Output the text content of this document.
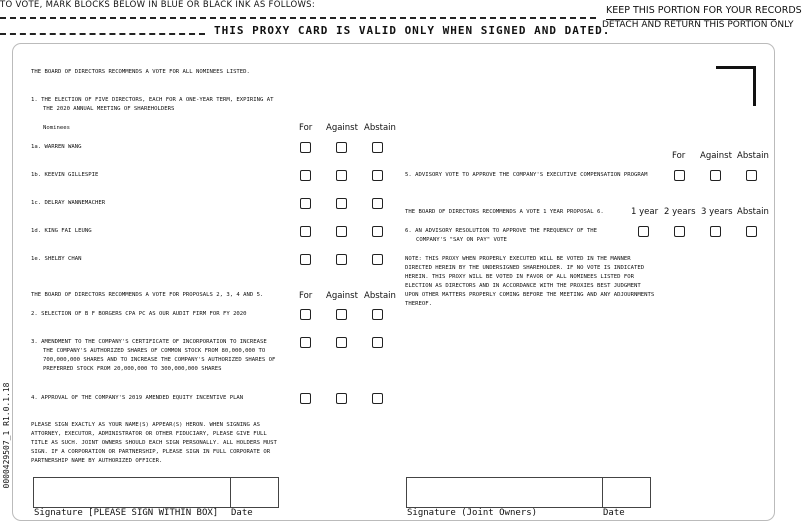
TO VOTE, MARK BLOCKS BELOW IN BLUE OR BLACK INK AS FOLLOWS:	KEEP THIS PORTION FOR YOUR RECORDS
DETACH AND RETURN THIS PORTION ONLY
THIS PROXY CARD IS VALID ONLY WHEN SIGNED AND DATED.
0000429507_1 R1.0.1.18
THE BOARD OF DIRECTORS RECOMMENDS A VOTE FOR ALL NOMINEES LISTED.
1. THE ELECTION OF FIVE DIRECTORS, EACH FOR A ONE-YEAR TERM, EXPIRING AT
THE 2020 ANNUAL MEETING OF SHAREHOLDERS
Nominees	For Against Abstain
1a. WARREN WANG
1b. KEEVIN GILLESPIE
1c. DELRAY WANNEMACHER
1d. KING FAI LEUNG
1e. SHELBY CHAN
THE BOARD OF DIRECTORS RECOMMENDS A VOTE FOR PROPOSALS 2, 3, 4 AND 5.	For Against Abstain
2. SELECTION OF B F BORGERS CPA PC AS OUR AUDIT FIRM FOR FY 2020
3. AMENDMENT TO THE COMPANY'S CERTIFICATE OF INCORPORATION TO INCREASE
THE COMPANY'S AUTHORIZED SHARES OF COMMON STOCK FROM 80,000,000 TO
700,000,000 SHARES AND TO INCREASE THE COMPANY'S AUTHORIZED SHARES OF
PREFERRED STOCK FROM 20,000,000 TO 300,000,000 SHARES
4. APPROVAL OF THE COMPANY'S 2019 AMENDED EQUITY INCENTIVE PLAN
PLEASE SIGN EXACTLY AS YOUR NAME(S) APPEAR(S) HERON. WHEN SIGNING AS
ATTORNEY, EXECUTOR, ADMINISTRATOR OR OTHER FIDUCIARY, PLEASE GIVE FULL
TITLE AS SUCH. JOINT OWNERS SHOULD EACH SIGN PERSONALLY. ALL HOLDERS MUST
SIGN. IF A CORPORATION OR PARTNERSHIP, PLEASE SIGN IN FULL CORPORATE OR
PARTNERSHIP NAME BY AUTHORIZED OFFICER.
Signature [PLEASE SIGN WITHIN BOX] Date
For Against Abstain
5. ADVISORY VOTE TO APPROVE THE COMPANY'S EXECUTIVE COMPENSATION PROGRAM
THE BOARD OF DIRECTORS RECOMMENDS A VOTE 1 YEAR PROPOSAL 6.	1 year 2 years 3 years Abstain
6. AN ADVISORY RESOLUTION TO APPROVE THE FREQUENCY OF THE
COMPANY'S "SAY ON PAY" VOTE
NOTE: THIS PROXY WHEN PROPERLY EXECUTED WILL BE VOTED IN THE MANNER
DIRECTED HEREIN BY THE UNDERSIGNED SHAREHOLDER. IF NO VOTE IS INDICATED
HEREIN. THIS PROXY WILL BE VOTED IN FAVOR OF ALL NOMINEES LISTED FOR
ELECTION AS DIRECTORS AND IN ACCORDANCE WITH THE PROXIES BEST JUDGMENT
UPON OTHER MATTERS PROPERLY COMING BEFORE THE MEETING AND ANY ADJOURNMENTS
THEREOF.
Signature (Joint Owners)	Date
